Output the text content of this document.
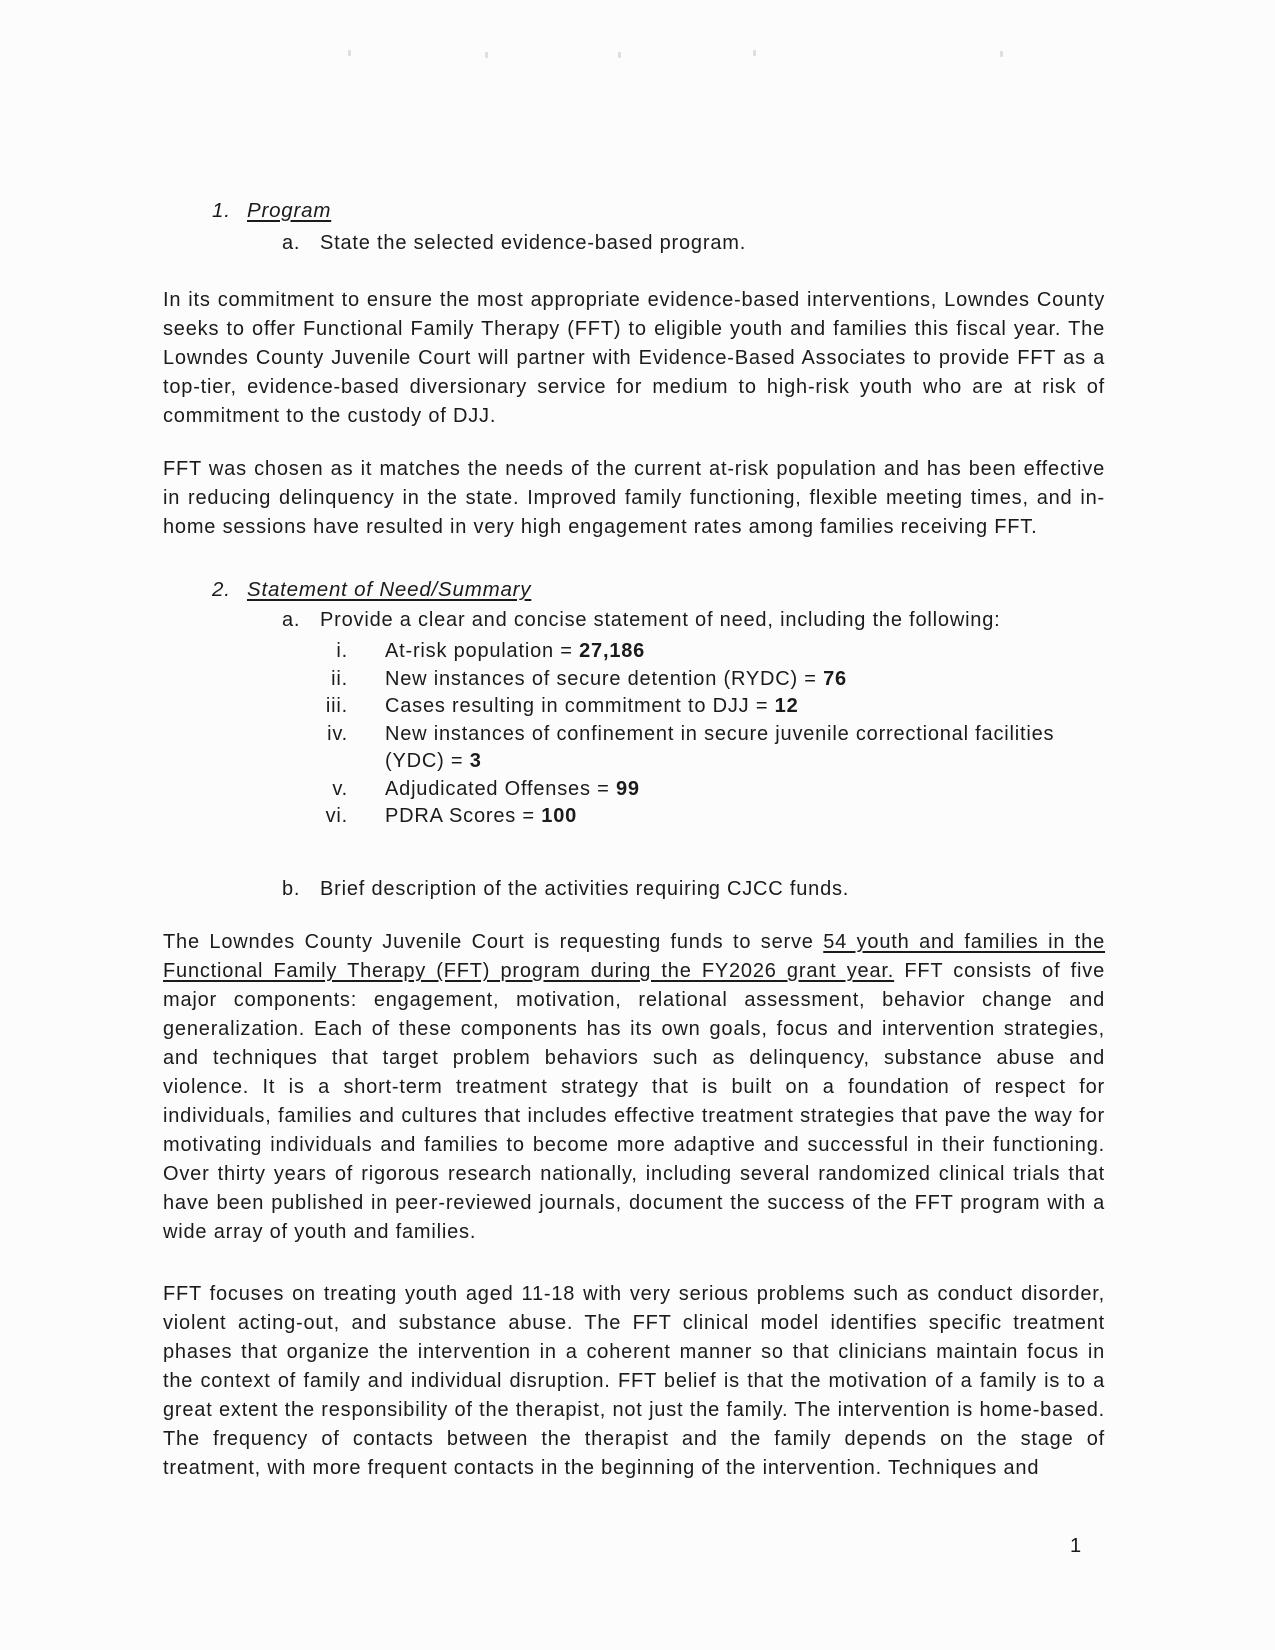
1. Program
a. State the selected evidence-based program.

In its commitment to ensure the most appropriate evidence-based interventions, Lowndes County seeks to offer Functional Family Therapy (FFT) to eligible youth and families this fiscal year. The Lowndes County Juvenile Court will partner with Evidence-Based Associates to provide FFT as a top-tier, evidence-based diversionary service for medium to high-risk youth who are at risk of commitment to the custody of DJJ.

FFT was chosen as it matches the needs of the current at-risk population and has been effective in reducing delinquency in the state. Improved family functioning, flexible meeting times, and in-home sessions have resulted in very high engagement rates among families receiving FFT.

2. Statement of Need/Summary
a. Provide a clear and concise statement of need, including the following:
i. At-risk population = 27,186
ii. New instances of secure detention (RYDC) = 76
iii. Cases resulting in commitment to DJJ = 12
iv. New instances of confinement in secure juvenile correctional facilities (YDC) = 3
v. Adjudicated Offenses = 99
vi. PDRA Scores = 100
b. Brief description of the activities requiring CJCC funds.

The Lowndes County Juvenile Court is requesting funds to serve 54 youth and families in the Functional Family Therapy (FFT) program during the FY2026 grant year. FFT consists of five major components: engagement, motivation, relational assessment, behavior change and generalization. Each of these components has its own goals, focus and intervention strategies, and techniques that target problem behaviors such as delinquency, substance abuse and violence. It is a short-term treatment strategy that is built on a foundation of respect for individuals, families and cultures that includes effective treatment strategies that pave the way for motivating individuals and families to become more adaptive and successful in their functioning. Over thirty years of rigorous research nationally, including several randomized clinical trials that have been published in peer-reviewed journals, document the success of the FFT program with a wide array of youth and families.

FFT focuses on treating youth aged 11-18 with very serious problems such as conduct disorder, violent acting-out, and substance abuse. The FFT clinical model identifies specific treatment phases that organize the intervention in a coherent manner so that clinicians maintain focus in the context of family and individual disruption. FFT belief is that the motivation of a family is to a great extent the responsibility of the therapist, not just the family. The intervention is home-based. The frequency of contacts between the therapist and the family depends on the stage of treatment, with more frequent contacts in the beginning of the intervention. Techniques and

1
